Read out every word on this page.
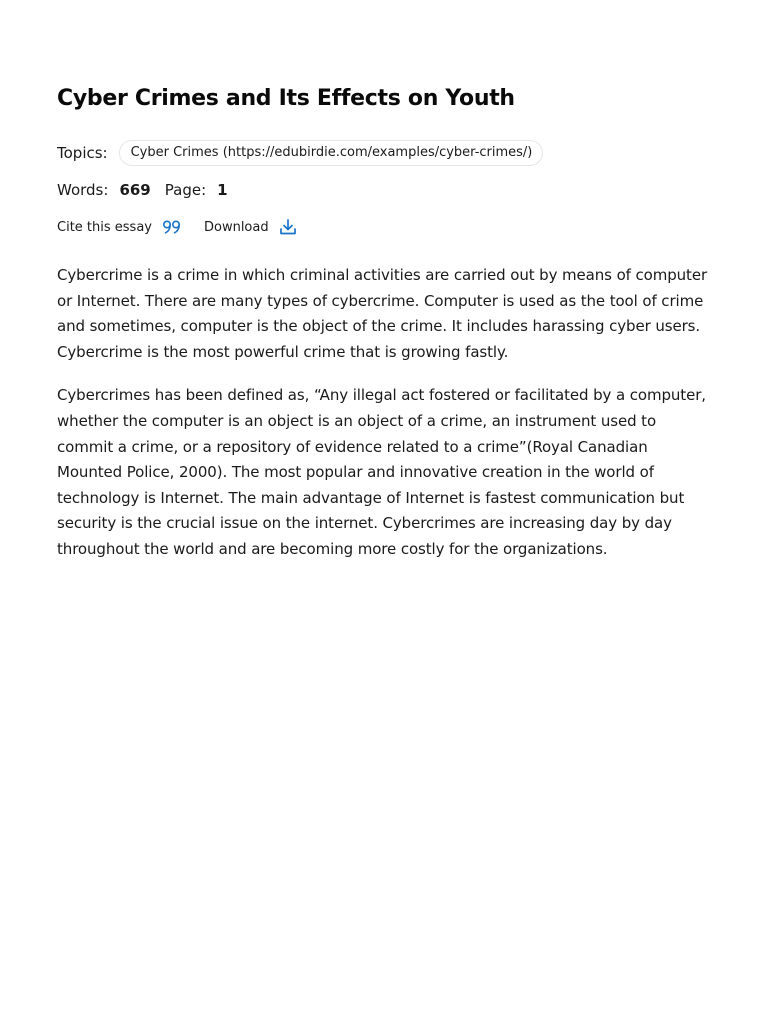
Cyber Crimes and Its Effects on Youth
Topics:	Cyber Crimes (https://edubirdie.com/examples/cyber-crimes/)
Words: 669 Page: 1
Cite this essay	Download

Cybercrime is a crime in which criminal activities are carried out by means of computer or Internet. There are many types of cybercrime. Computer is used as the tool of crime and sometimes, computer is the object of the crime. It includes harassing cyber users. Cybercrime is the most powerful crime that is growing fastly.

Cybercrimes has been defined as, “Any illegal act fostered or facilitated by a computer, whether the computer is an object is an object of a crime, an instrument used to commit a crime, or a repository of evidence related to a crime”(Royal Canadian Mounted Police, 2000). The most popular and innovative creation in the world of technology is Internet. The main advantage of Internet is fastest communication but security is the crucial issue on the internet. Cybercrimes are increasing day by day throughout the world and are becoming more costly for the organizations.
